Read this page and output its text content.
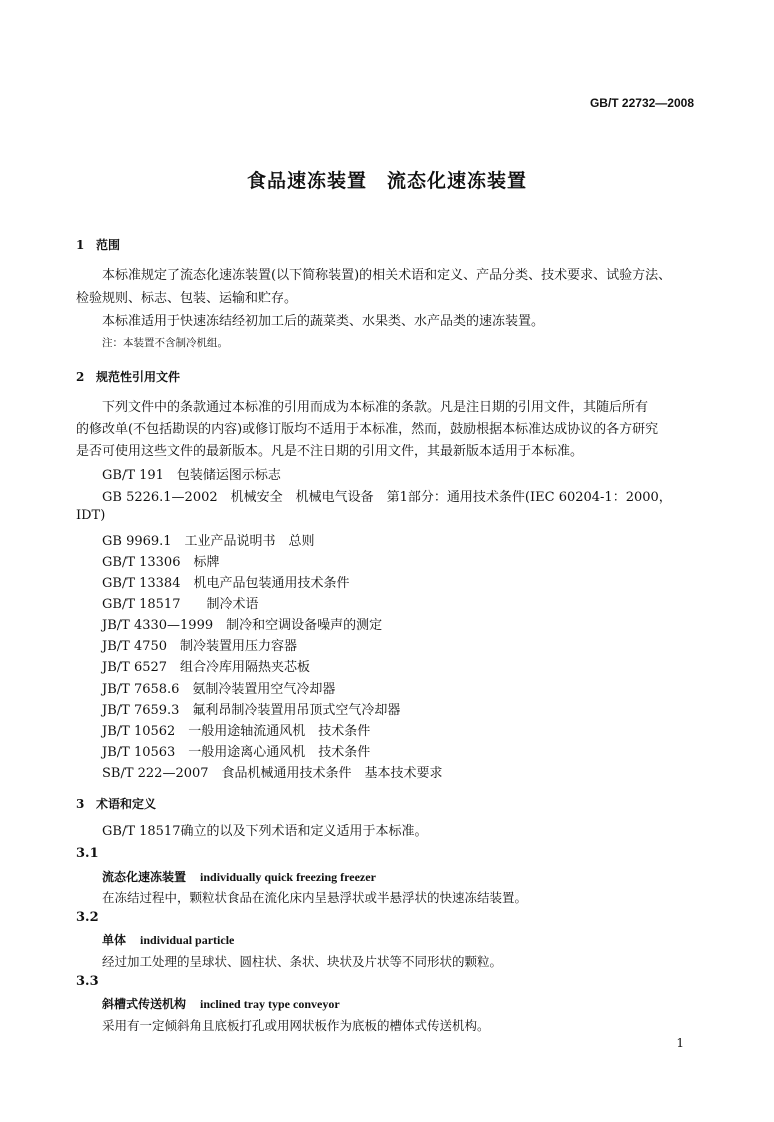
GB/T 22732—2008
食品速冻装置　流态化速冻装置
1 范围
本标准规定了流态化速冻装置(以下简称装置)的相关术语和定义、产品分类、技术要求、试验方法、
检验规则、标志、包装、运输和贮存。
本标准适用于快速冻结经初加工后的蔬菜类、水果类、水产品类的速冻装置。
注：本装置不含制冷机组。
2 规范性引用文件
下列文件中的条款通过本标准的引用而成为本标准的条款。凡是注日期的引用文件，其随后所有
的修改单(不包括勘误的内容)或修订版均不适用于本标准，然而，鼓励根据本标准达成协议的各方研究
是否可使用这些文件的最新版本。凡是不注日期的引用文件，其最新版本适用于本标准。
GB/T 191　包装储运图示标志
GB 5226.1—2002　机械安全　机械电气设备　第1部分：通用技术条件(IEC 60204-1：2000，
IDT)
GB 9969.1　工业产品说明书　总则
GB/T 13306　标牌
GB/T 13384　机电产品包装通用技术条件
GB/T 18517　　制冷术语
JB/T 4330—1999　制冷和空调设备噪声的测定
JB/T 4750　制冷装置用压力容器
JB/T 6527　组合冷库用隔热夹芯板
JB/T 7658.6　氨制冷装置用空气冷却器
JB/T 7659.3　氟利昂制冷装置用吊顶式空气冷却器
JB/T 10562　一般用途轴流通风机　技术条件
JB/T 10563　一般用途离心通风机　技术条件
SB/T 222—2007　食品机械通用技术条件　基本技术要求
3 术语和定义
GB/T 18517确立的以及下列术语和定义适用于本标准。
3.1
流态化速冻装置 individually quick freezing freezer
在冻结过程中，颗粒状食品在流化床内呈悬浮状或半悬浮状的快速冻结装置。
3.2
单体 individual particle
经过加工处理的呈球状、圆柱状、条状、块状及片状等不同形状的颗粒。
3.3
斜槽式传送机构 inclined tray type conveyor
采用有一定倾斜角且底板打孔或用网状板作为底板的槽体式传送机构。
1
